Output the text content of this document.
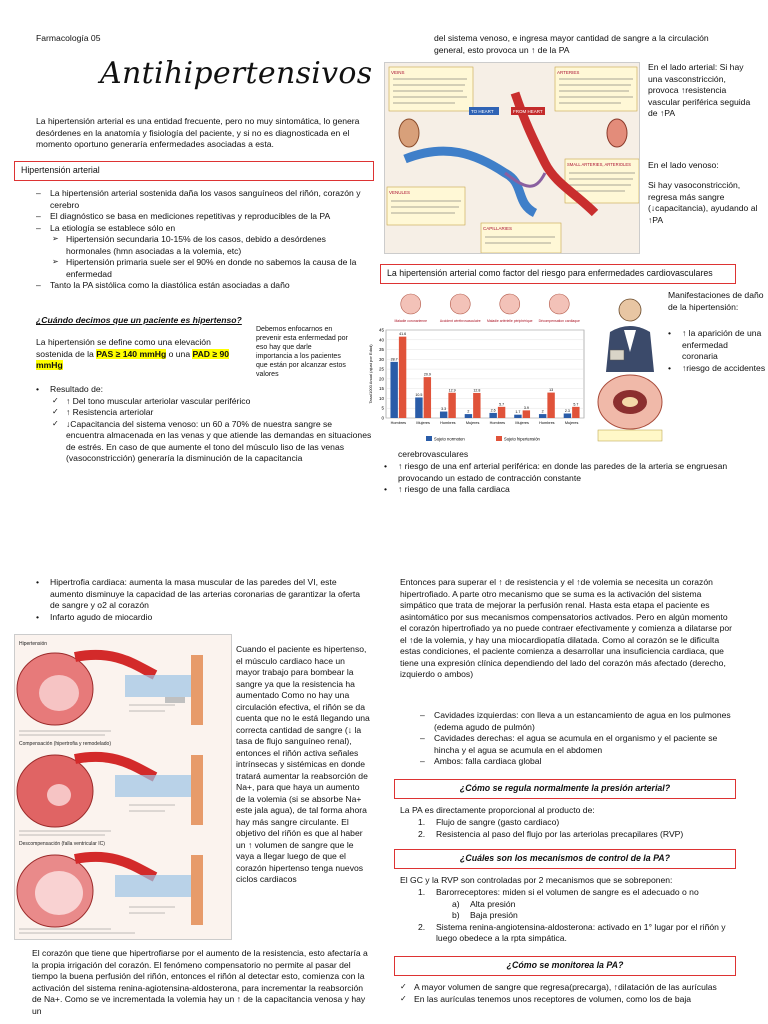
Farmacología 05
Antihipertensivos
La hipertensión arterial es una entidad frecuente, pero no muy sintomática, lo genera desórdenes en la anatomía y fisiología del paciente, y si no es diagnosticada en el momento oportuno generaría enfermedades asociadas a esta.
Hipertensión arterial
– La hipertensión arterial sostenida daña los vasos sanguíneos del riñón, corazón y cerebro
– El diagnóstico se basa en mediciones repetitivas y reproducibles de la PA
– La etiología se establece sólo en
➢ Hipertensión secundaria 10-15% de los casos, debido a desórdenes hormonales (hmn asociadas a la volemia, etc)
➢ Hipertensión primaria suele ser el 90% en donde no sabemos la causa de la enfermedad
– Tanto la PA sistólica como la diastólica están asociadas a daño
¿Cuándo decimos que un paciente es hipertenso?
La hipertensión se define como una elevación sostenida de la PAS ≥ 140 mmHg o una PAD ≥ 90 mmHg
Debemos enfocarnos en prevenir esta enfermedad por eso hay que darle importancia a los pacientes que están por alcanzar estos valores
• Resultado de:
✓ ↑ Del tono muscular arteriolar vascular periférico
✓ ↑ Resistencia arteriolar
✓ ↓Capacitancia del sistema venoso: un 60 a 70% de nuestra sangre se encuentra almacenada en las venas y que atiende las demandas en situaciones de estrés. En caso de que aumente el tono del músculo liso de las venas (vasoconstricción) generaría la disminución de la capacitancia
del sistema venoso, e ingresa mayor cantidad de sangre a la circulación general, esto provoca un ↑ de la PA
VEINS	ARTERIES
VENULES
CAPILLARIES
SMALL ARTERIES, ARTERIOLES
TO HEART	FROM HEART
En el lado arterial: Si hay una vasconstricción, provoca ↑resistencia vascular periférica seguida de ↑PA
En el lado venoso:
Si hay vasoconstricción, regresa más sangre (↓capacitancia), ayudando al ↑PA
La hipertensión arterial como factor del riesgo para enfermedades cardiovasculares
0
5
10
15
20
25
30
35
40
45
Tasa/1000 Anual (ajust por Edad)	28.7
41.6
Hombres
10.5
20.9
Mujeres
3.3
12.9
Hombres
2
12.8
Mujeres
2.6
5.7
Hombres
1.7
3.9
Mujeres
2
13
Hombres
2.3
5.7
Mujeres
Maladie coronarienne	Accident cérébrovasculaire Maladie artérielle périphérique Décompensation cardiaque
Sujeto normoten	Sujeto hipertensión
Manifestaciones de daño de la hipertensión:
• ↑ la aparición de una enfermedad coronaria
• ↑riesgo de accidentes
cerebrovasculares
• ↑ riesgo de una enf arterial periférica: en donde las paredes de la arteria se engruesan provocando un estado de contracción constante
• ↑ riesgo de una falla cardiaca
• Hipertrofia cardiaca: aumenta la masa muscular de las paredes del VI, este aumento disminuye la capacidad de las arterias coronarias de garantizar la oferta de sangre y o2 al corazón
• Infarto agudo de miocardio
Hipertensión
Compensación (hipertrofia y remodelado)
Descompensación (falla ventricular IC)
Cuando el paciente es hipertenso, el músculo cardiaco hace un mayor trabajo para bombear la sangre ya que la resistencia ha aumentado Como no hay una circulación efectiva, el riñón se da cuenta que no le está llegando una correcta cantidad de sangre (↓ la tasa de flujo sanguíneo renal), entonces el riñón activa señales intrínsecas y sistémicas en donde tratará aumentar la reabsorción de Na+, para que haya un aumento de la volemia (si se absorbe Na+ este jala agua), de tal forma ahora hay más sangre circulante. El objetivo del riñón es que al haber un ↑ volumen de sangre que le vaya a llegar luego de que el corazón hipertenso tenga nuevos ciclos cardiacos
El corazón que tiene que hipertrofiarse por el aumento de la resistencia, esto afectaría a la propia irrigación del corazón. El fenómeno compensatorio no permite al pasar del tiempo la buena perfusión del riñón, entonces el riñón al detectar esto, comienza con la activación del sistema renina-agiotensina-aldosterona, para incrementar la reabsorción de Na+. Como se ve incrementada la volemia hay un ↑ de la capacitancia venosa y hay un
Entonces para superar el ↑ de resistencia y el ↑de volemia se necesita un corazón hipertrofiado. A parte otro mecanismo que se suma es la activación del sistema simpático que trata de mejorar la perfusión renal. Hasta esta etapa el paciente es asintomático por sus mecanismos compensatorios activados. Pero en algún momento el corazón hipertrofiado ya no puede contraer efectivamente y comienza a dilatarse por el ↑de la volemia, y hay una miocardiopatía dilatada. Como al corazón se le dificulta estas condiciones, el paciente comienza a desarrollar una insuficiencia cardiaca, que tiene una expresión clínica dependiendo del lado del corazón más afectado (derecho, izquierdo o ambos)
– Cavidades izquierdas: con lleva a un estancamiento de agua en los pulmones (edema agudo de pulmón)
– Cavidades derechas: el agua se acumula en el organismo y el paciente se hincha y el agua se acumula en el abdomen
– Ambos: falla cardiaca global
¿Cómo se regula normalmente la presión arterial?
La PA es directamente proporcional al producto de:
1. Flujo de sangre (gasto cardiaco)
2. Resistencia al paso del flujo por las arteriolas precapilares (RVP)
¿Cuáles son los mecanismos de control de la PA?
El GC y la RVP son controladas por 2 mecanismos que se sobreponen:
1. Barorreceptores: miden si el volumen de sangre es el adecuado o no
a) Alta presión
b) Baja presión
2. Sistema renina-angiotensina-aldosterona: activado en 1° lugar por el riñón y luego obedece a la rpta simpática.
¿Cómo se monitorea la PA?
✓ A mayor volumen de sangre que regresa(precarga), ↑dilatación de las aurículas
✓ En las aurículas tenemos unos receptores de volumen, como los de baja
